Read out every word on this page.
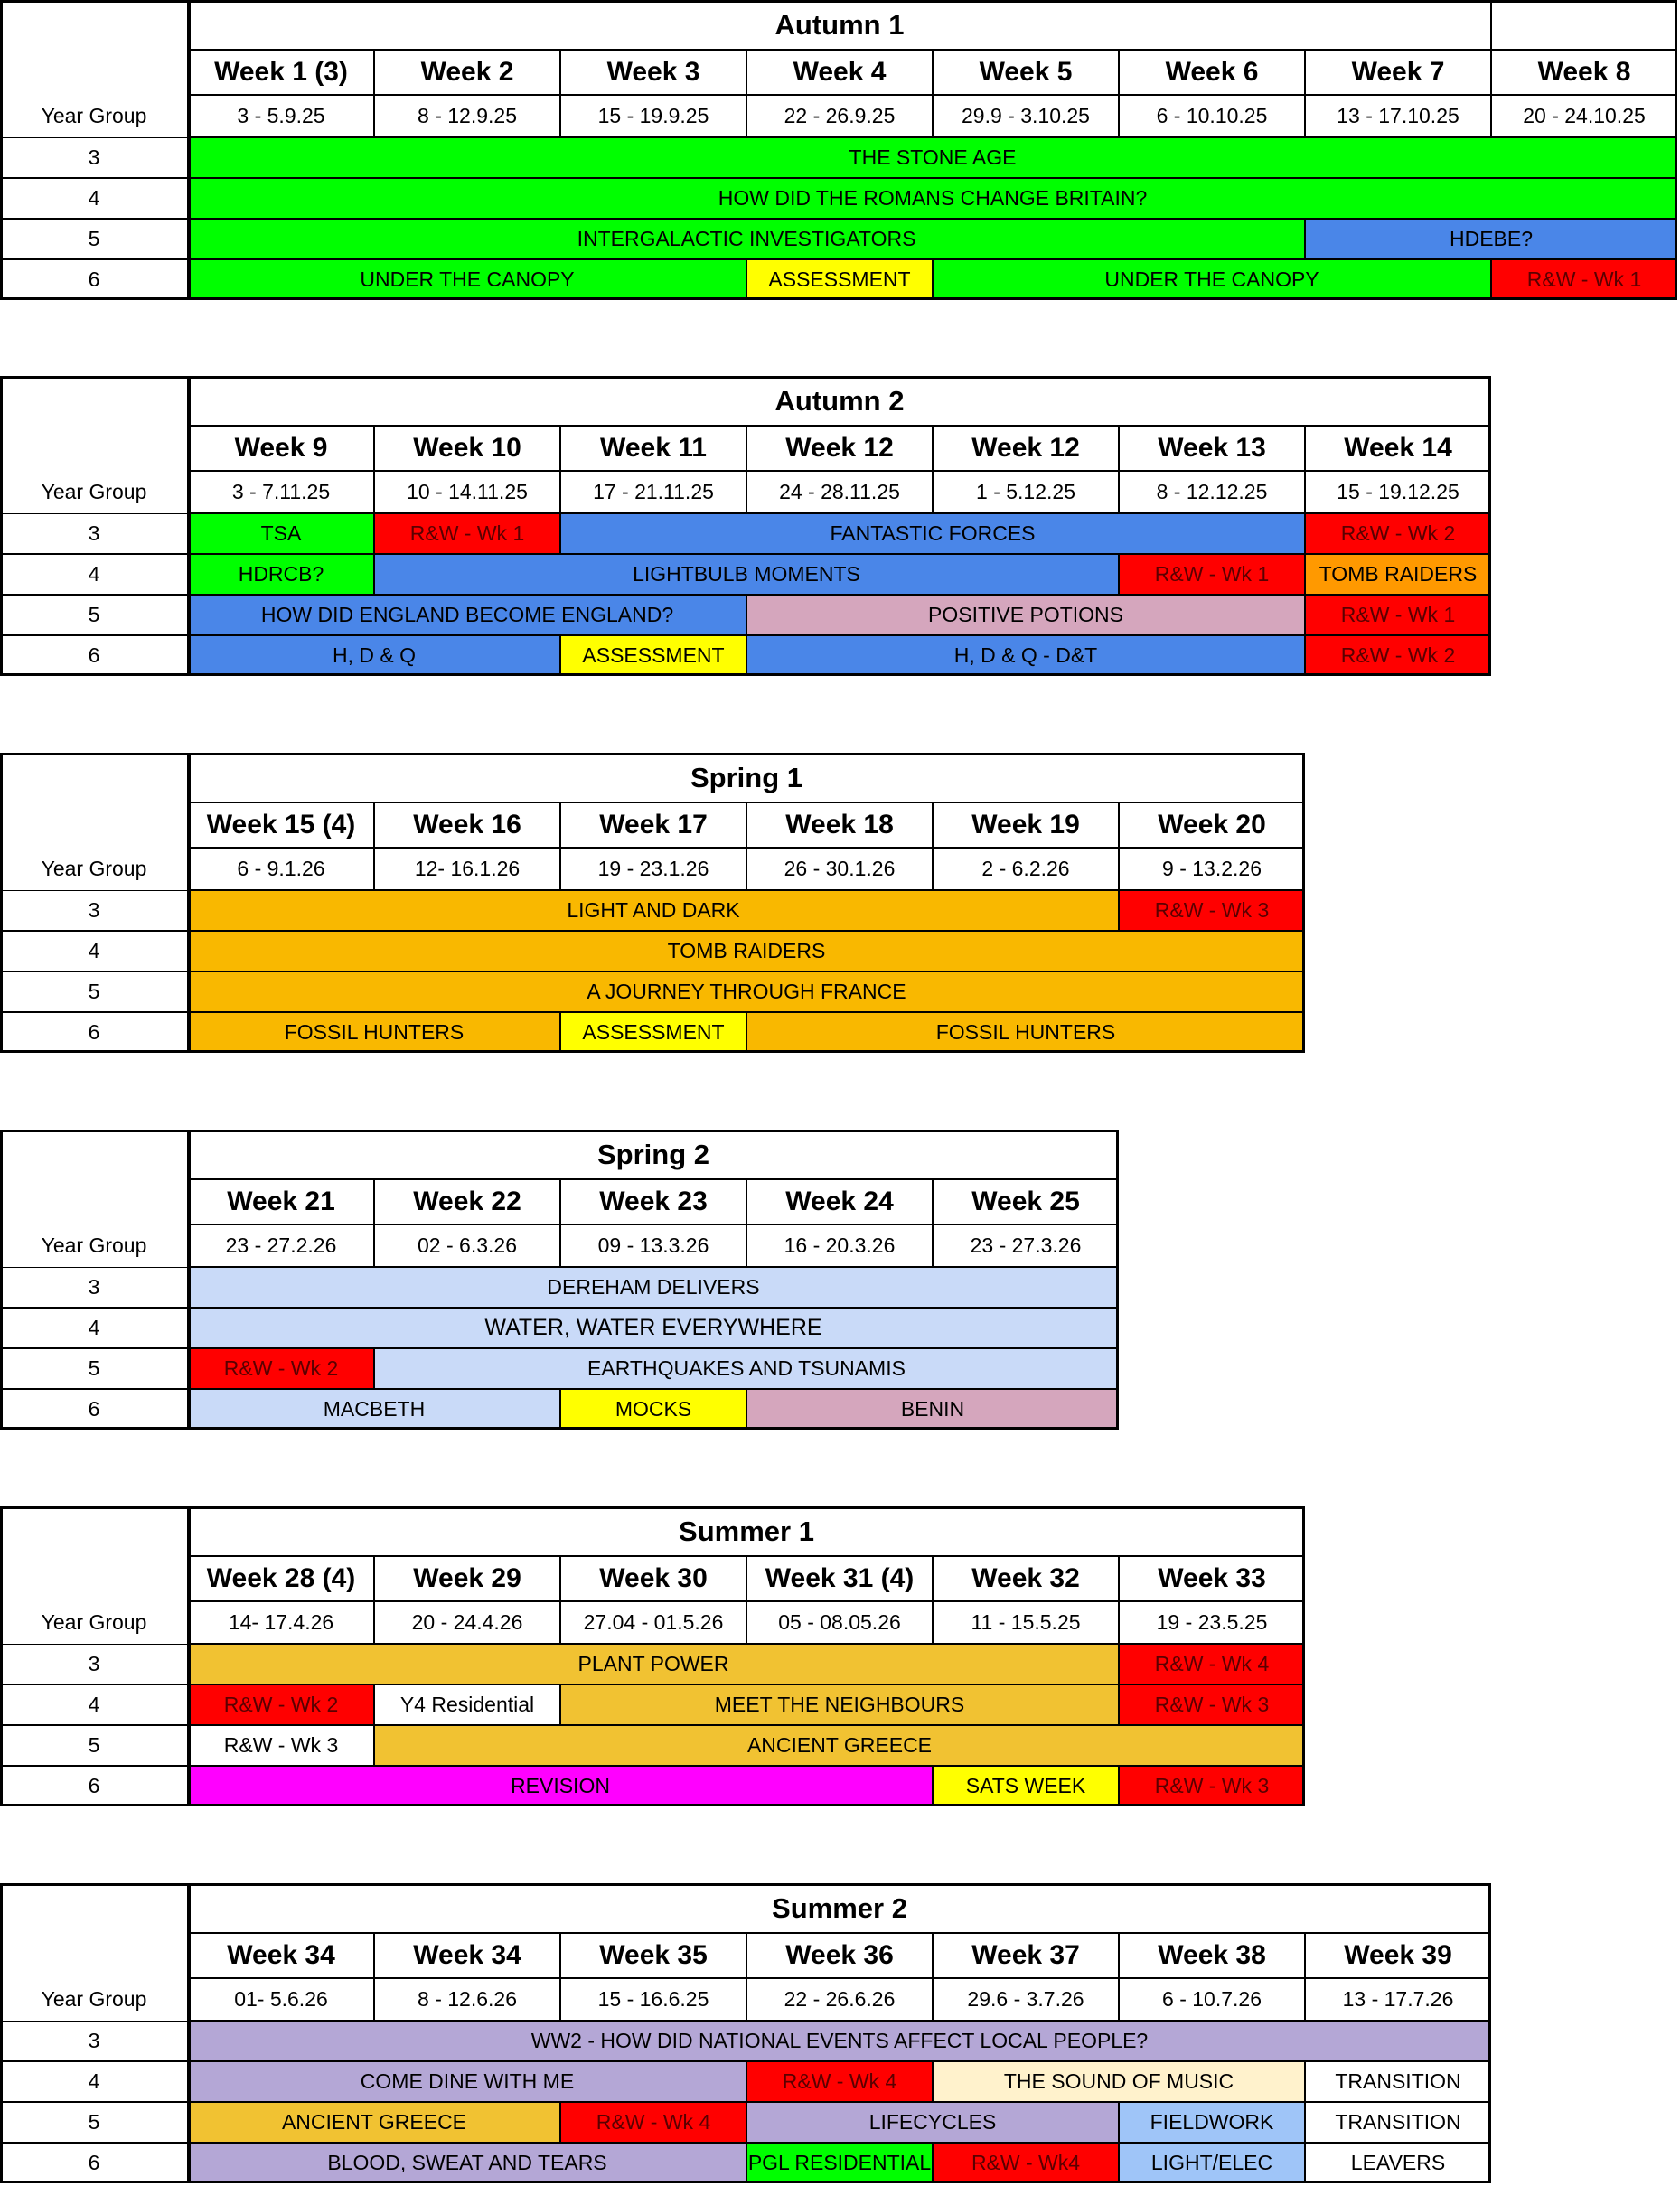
Autumn 1
Week 1 (3)	Week 2	Week 3	Week 4	Week 5	Week 6	Week 7	Week 8
3 - 5.9.25	8 - 12.9.25	15 - 19.9.25	22 - 26.9.25	29.9 - 3.10.25	6 - 10.10.25	13 - 17.10.25	20 - 24.10.25
Year Group
3	THE STONE AGE
4	HOW DID THE ROMANS CHANGE BRITAIN?
5	INTERGALACTIC INVESTIGATORS	HDEBE?
6	UNDER THE CANOPY	ASSESSMENT	UNDER THE CANOPY	R&W - Wk 1
Autumn 2
Week 9	Week 10	Week 11	Week 12	Week 12	Week 13	Week 14
3 - 7.11.25	10 - 14.11.25	17 - 21.11.25	24 - 28.11.25	1 - 5.12.25	8 - 12.12.25	15 - 19.12.25
Year Group
3	TSA	R&W - Wk 1	FANTASTIC FORCES	R&W - Wk 2
4	HDRCB?	LIGHTBULB MOMENTS	R&W - Wk 1	TOMB RAIDERS
5	HOW DID ENGLAND BECOME ENGLAND?	POSITIVE POTIONS	R&W - Wk 1
6	H, D & Q	ASSESSMENT	H, D & Q - D&T	R&W - Wk 2
Spring 1
Week 15 (4)	Week 16	Week 17	Week 18	Week 19	Week 20
6 - 9.1.26	12- 16.1.26	19 - 23.1.26	26 - 30.1.26	2 - 6.2.26	9 - 13.2.26
Year Group
3	LIGHT AND DARK	R&W - Wk 3
4	TOMB RAIDERS
5	A JOURNEY THROUGH FRANCE
6	FOSSIL HUNTERS	ASSESSMENT	FOSSIL HUNTERS
Spring 2
Week 21	Week 22	Week 23	Week 24	Week 25
23 - 27.2.26	02 - 6.3.26	09 - 13.3.26	16 - 20.3.26	23 - 27.3.26
Year Group
3	DEREHAM DELIVERS
4	WATER, WATER EVERYWHERE
5	R&W - Wk 2	EARTHQUAKES AND TSUNAMIS
6	MACBETH	MOCKS	BENIN
Summer 1
Week 28 (4)	Week 29	Week 30	Week 31 (4)	Week 32	Week 33
14- 17.4.26	20 - 24.4.26	27.04 - 01.5.26	05 - 08.05.26	11 - 15.5.25	19 - 23.5.25
Year Group
3	PLANT POWER	R&W - Wk 4
4	R&W - Wk 2	Y4 Residential	MEET THE NEIGHBOURS	R&W - Wk 3
5	R&W - Wk 3	ANCIENT GREECE
6	REVISION	SATS WEEK	R&W - Wk 3
Summer 2
Week 34	Week 34	Week 35	Week 36	Week 37	Week 38	Week 39
01- 5.6.26	8 - 12.6.26	15 - 16.6.25	22 - 26.6.26	29.6 - 3.7.26	6 - 10.7.26	13 - 17.7.26
Year Group
3	WW2 - HOW DID NATIONAL EVENTS AFFECT LOCAL PEOPLE?
4	COME DINE WITH ME	R&W - Wk 4	THE SOUND OF MUSIC	TRANSITION
5	ANCIENT GREECE	R&W - Wk 4	LIFECYCLES	FIELDWORK	TRANSITION
6	BLOOD, SWEAT AND TEARS	PGL RESIDENTIAL	R&W - Wk4	LIGHT/ELEC	LEAVERS
